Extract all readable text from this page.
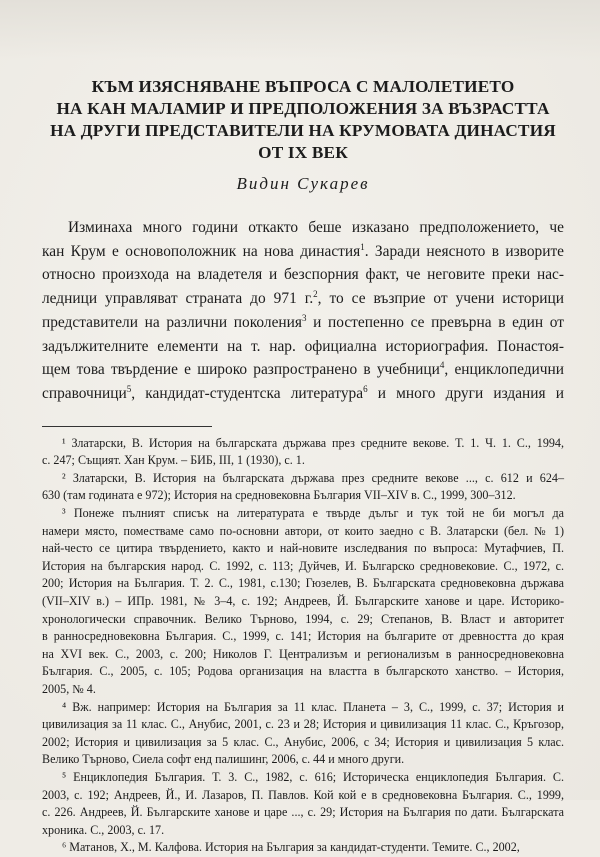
КЪМ ИЗЯСНЯВАНЕ ВЪПРОСА С МАЛОЛЕТИЕТО
НА КАН МАЛАМИР И ПРЕДПОЛОЖЕНИЯ ЗА ВЪЗРАСТТА
НА ДРУГИ ПРЕДСТАВИТЕЛИ НА КРУМОВАТА ДИНАСТИЯ
ОТ IX ВЕК
Видин Сукарев
Изминаха много години откакто беше изказано предположението, че
кан Крум е основоположник на нова династия$^1$. Заради неясното в изворите
относно произхода на владетеля и безспорния факт, че неговите преки нас-
ледници управляват страната до 971 г.$^2$, то се възприе от учени историци
представители на различни поколения$^3$ и постепенно се превърна в един от
задължителните елементи на т. нар. официална историография. Понастоя-
щем това твърдение е широко разпространено в учебници$^4$, енциклопедични
справочници$^5$, кандидат-студентска литература$^6$ и много други издания и
¹ Златарски, В. История на българската държава през средните векове. Т. 1. Ч. 1. С., 1994,
с. 247; Същият. Хан Крум. – БИБ, III, 1 (1930), с. 1.
² Златарски, В. История на българската държава през средните векове ..., с. 612 и 624–
630 (там годината е 972); История на средновековна България VII–XIV в. С., 1999, 300–312.
³ Понеже пълният списък на литературата е твърде дълъг и тук той не би могъл да
намери място, поместваме само по-основни автори, от които заедно с В. Златарски (бел. № 1)
най-често се цитира твърдението, както и най-новите изследвания по въпроса: Мутафчиев, П.
История на българския народ. С. 1992, с. 113; Дуйчев, И. Българско средновековие. С., 1972, с.
200; История на България. Т. 2. С., 1981, с.130; Гюзелев, В. Българската средновековна държава
(VII–XIV в.) – ИПр. 1981, № 3–4, с. 192; Андреев, Й. Българските ханове и царе. Историко-
хронологически справочник. Велико Търново, 1994, с. 29; Степанов, В. Власт и авторитет
в ранносредновековна България. С., 1999, с. 141; История на българите от древността до края
на XVI век. С., 2003, с. 200; Николов Г. Централизъм и регионализъм в ранносредновековна
България. С., 2005, с. 105; Родова организация на властта в българското ханство. – История,
2005, № 4.
⁴ Вж. например: История на България за 11 клас. Планета – 3, С., 1999, с. 37; История и
цивилизация за 11 клас. С., Анубис, 2001, с. 23 и 28; История и цивилизация 11 клас. С., Кръгозор,
2002; История и цивилизация за 5 клас. С., Анубис, 2006, с 34; История и цивилизация 5 клас.
Велико Търново, Сиела софт енд палишинг, 2006, с. 44 и много други.
⁵ Енциклопедия България. Т. 3. С., 1982, с. 616; Историческа енциклопедия България. С.
2003, с. 192; Андреев, Й., И. Лазаров, П. Павлов. Кой кой е в средновековна България. С., 1999,
с. 226. Андреев, Й. Българските ханове и царе ..., с. 29; История на България по дати. Българската
хроника. С., 2003, с. 17.
⁶ Матанов, Х., М. Калфова. История на България за кандидат-студенти. Темите. С., 2002,
